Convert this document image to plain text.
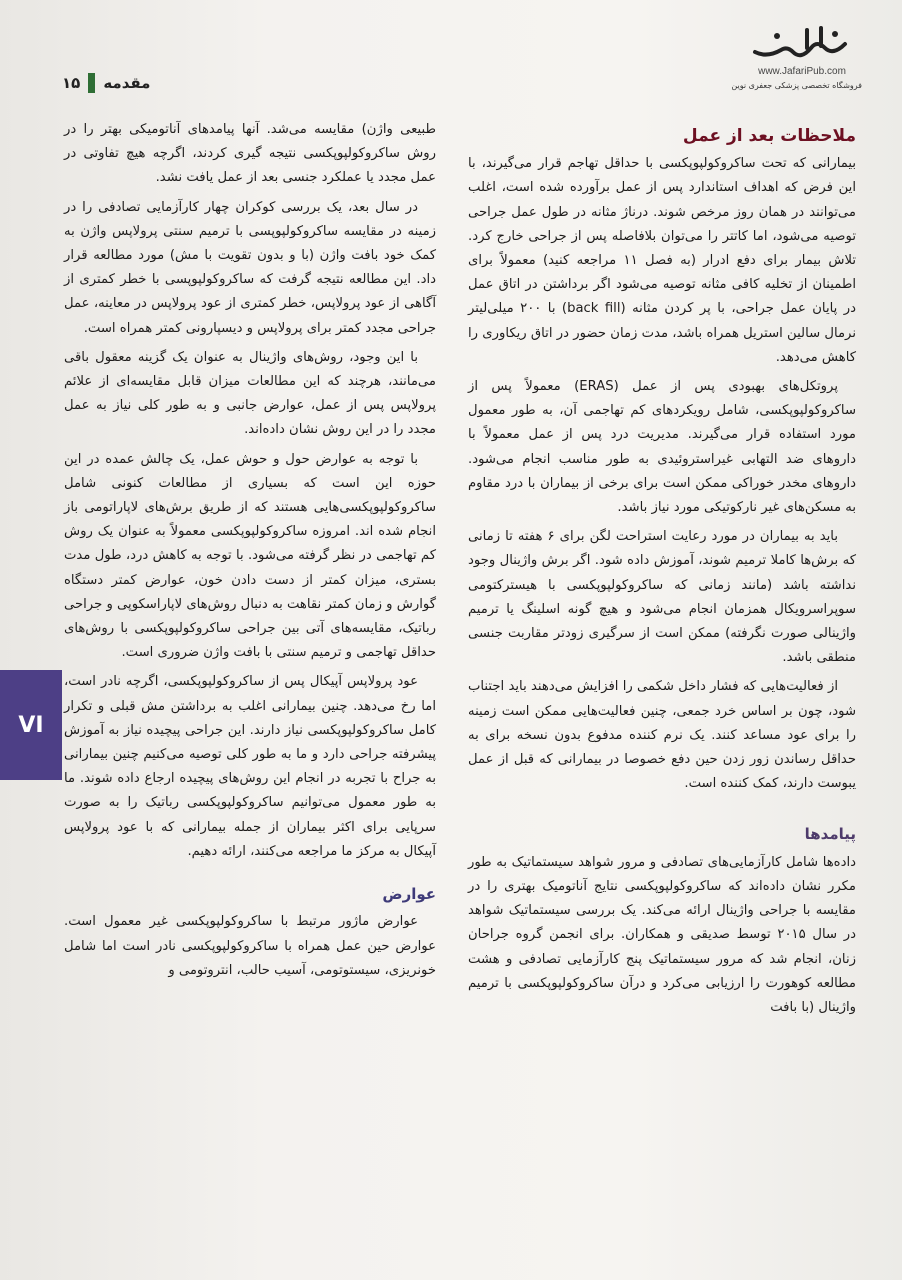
www.JafariPub.com
فروشگاه تخصصی پزشکی جعفری نوین
مقدمه
۱۵
ملاحظات بعد از عمل

بیمارانی که تحت ساکروکولپوپکسی با حداقل تهاجم قرار می‌گیرند، با این فرض که اهداف استاندارد پس از عمل برآورده شده است، اغلب می‌توانند در همان روز مرخص شوند. درناژ مثانه در طول عمل جراحی توصیه می‌شود، اما کاتتر را می‌توان بلافاصله پس از جراحی خارج کرد. تلاش بیمار برای دفع ادرار (به فصل ۱۱ مراجعه کنید) معمولاً برای اطمینان از تخلیه کافی مثانه توصیه می‌شود اگر برداشتن در اتاق عمل در پایان عمل جراحی، با پر کردن مثانه (back fill) با ۲۰۰ میلی‌لیتر نرمال سالین استریل همراه باشد، مدت زمان حضور در اتاق ریکاوری را کاهش می‌دهد.

پروتکل‌های بهبودی پس از عمل (ERAS) معمولاً پس از ساکروکولپوپکسی، شامل رویکردهای کم تهاجمی آن، به طور معمول مورد استفاده قرار می‌گیرند. مدیریت درد پس از عمل معمولاً با داروهای ضد التهابی غیراستروئیدی به طور مناسب انجام می‌شود. داروهای مخدر خوراکی ممکن است برای برخی از بیماران با درد مقاوم به مسکن‌های غیر نارکوتیکی مورد نیاز باشد.

باید به بیماران در مورد رعایت استراحت لگن برای ۶ هفته تا زمانی که برش‌ها کاملا ترمیم شوند، آموزش داده شود. اگر برش واژینال وجود نداشته باشد (مانند زمانی که ساکروکولپوپکسی با هیسترکتومی سوپراسرویکال همزمان انجام می‌شود و هیچ گونه اسلینگ یا ترمیم واژینالی صورت نگرفته) ممکن است از سرگیری زودتر مقاربت جنسی منطقی باشد.

از فعالیت‌هایی که فشار داخل شکمی را افزایش می‌دهند باید اجتناب شود، چون بر اساس خرد جمعی، چنین فعالیت‌هایی ممکن است زمینه را برای عود مساعد کنند. یک نرم کننده مدفوع بدون نسخه برای به حداقل رساندن زور زدن حین دفع خصوصا در بیمارانی که قبل از عمل یبوست دارند، کمک کننده است.

پیامدها

داده‌ها شامل کارآزمایی‌های تصادفی و مرور شواهد سیستماتیک به طور مکرر نشان داده‌اند که ساکروکولپوپکسی نتایج آناتومیک بهتری را در مقایسه با جراحی واژینال ارائه می‌کند. یک بررسی سیستماتیک شواهد در سال ۲۰۱۵ توسط صدیقی و همکاران. برای انجمن گروه جراحان زنان، انجام شد که مرور سیستماتیک پنج کارآزمایی تصادفی و هشت مطالعه کوهورت را ارزیابی می‌کرد و درآن ساکروکولپوپکسی با ترمیم واژینال (با بافت

طبیعی واژن) مقایسه می‌شد. آنها پیامدهای آناتومیکی بهتر را در روش ساکروکولپوپکسی نتیجه گیری کردند، اگرچه هیچ تفاوتی در عمل مجدد یا عملکرد جنسی بعد از عمل یافت نشد.

در سال بعد، یک بررسی کوکران چهار کارآزمایی تصادفی را در زمینه در مقایسه ساکروکولپوپسی با ترمیم سنتی پرولاپس واژن به کمک خود بافت واژن (با و بدون تقویت با مش) مورد مطالعه قرار داد. این مطالعه نتیجه گرفت که ساکروکولپوپسی با خطر کمتری از آگاهی از عود پرولاپس، خطر کمتری از عود پرولاپس در معاینه، عمل جراحی مجدد کمتر برای پرولاپس و دیسپارونی کمتر همراه است.

با این وجود، روش‌های واژینال به عنوان یک گزینه معقول باقی می‌مانند، هرچند که این مطالعات میزان قابل مقایسه‌ای از علائم پرولاپس پس از عمل، عوارض جانبی و به طور کلی نیاز به عمل مجدد را در این روش نشان داده‌اند.

با توجه به عوارض حول و حوش عمل، یک چالش عمده در این حوزه این است که بسیاری از مطالعات کنونی شامل ساکروکولپوپکسی‌هایی هستند که از طریق برش‌های لاپاراتومی باز انجام شده اند. امروزه ساکروکولپوپکسی معمولاً به عنوان یک روش کم تهاجمی در نظر گرفته می‌شود. با توجه به کاهش درد، طول مدت بستری، میزان کمتر از دست دادن خون، عوارض کمتر دستگاه گوارش و زمان کمتر نقاهت به دنبال روش‌های لاپاراسکوپی و جراحی رباتیک، مقایسه‌های آتی بین جراحی ساکروکولپوپکسی با روش‌های حداقل تهاجمی و ترمیم سنتی با بافت واژن ضروری است.

عود پرولاپس آپیکال پس از ساکروکولپوپکسی، اگرچه نادر است، اما رخ می‌دهد. چنین بیمارانی اغلب به برداشتن مش قبلی و تکرار کامل ساکروکولپوپکسی نیاز دارند. این جراحی پیچیده نیاز به آموزش پیشرفته جراحی دارد و ما به طور کلی توصیه می‌کنیم چنین بیمارانی به جراح با تجربه در انجام این روش‌های پیچیده ارجاع داده شوند. ما به طور معمول می‌توانیم ساکروکولپوپکسی رباتیک را به صورت سرپایی برای اکثر بیماران از جمله بیمارانی که با عود پرولاپس آپیکال به مرکز ما مراجعه می‌کنند، ارائه دهیم.

عوارض

عوارض ماژور مرتبط با ساکروکولپوپکسی غیر معمول است. عوارض حین عمل همراه با ساکروکولپوپکسی نادر است اما شامل خونریزی، سیستوتومی، آسیب حالب، انتروتومی و

VI
